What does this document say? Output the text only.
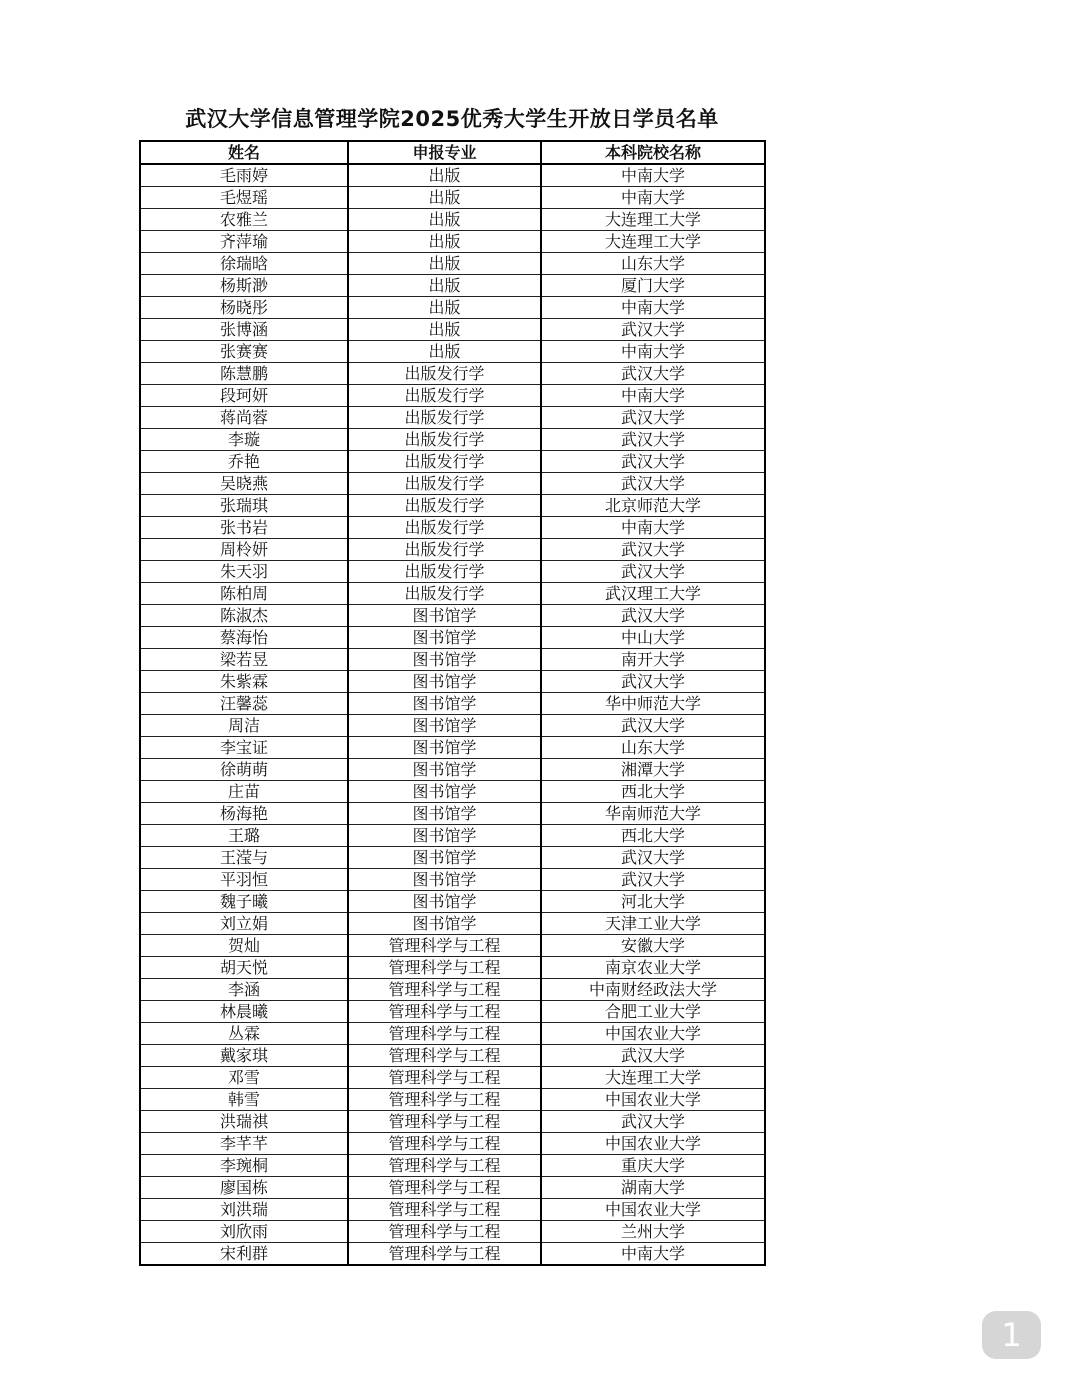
武汉大学信息管理学院2025优秀大学生开放日学员名单
姓名	申报专业	本科院校名称
毛雨婷	出版	中南大学
毛煜瑶	出版	中南大学
农雅兰	出版	大连理工大学
齐萍瑜	出版	大连理工大学
徐瑞晗	出版	山东大学
杨斯渺	出版	厦门大学
杨晓彤	出版	中南大学
张博涵	出版	武汉大学
张赛赛	出版	中南大学
陈慧鹏	出版发行学	武汉大学
段珂妍	出版发行学	中南大学
蒋尚蓉	出版发行学	武汉大学
李璇	出版发行学	武汉大学
乔艳	出版发行学	武汉大学
吴晓燕	出版发行学	武汉大学
张瑞琪	出版发行学	北京师范大学
张书岩	出版发行学	中南大学
周柃妍	出版发行学	武汉大学
朱天羽	出版发行学	武汉大学
陈柏周	出版发行学	武汉理工大学
陈淑杰	图书馆学	武汉大学
蔡海怡	图书馆学	中山大学
梁若昱	图书馆学	南开大学
朱紫霖	图书馆学	武汉大学
汪馨蕊	图书馆学	华中师范大学
周洁	图书馆学	武汉大学
李宝证	图书馆学	山东大学
徐萌萌	图书馆学	湘潭大学
庄苗	图书馆学	西北大学
杨海艳	图书馆学	华南师范大学
王璐	图书馆学	西北大学
王滢与	图书馆学	武汉大学
平羽恒	图书馆学	武汉大学
魏子曦	图书馆学	河北大学
刘立娟	图书馆学	天津工业大学
贺灿	管理科学与工程	安徽大学
胡天悦	管理科学与工程	南京农业大学
李涵	管理科学与工程	中南财经政法大学
林晨曦	管理科学与工程	合肥工业大学
丛霖	管理科学与工程	中国农业大学
戴家琪	管理科学与工程	武汉大学
邓雪	管理科学与工程	大连理工大学
韩雪	管理科学与工程	中国农业大学
洪瑞祺	管理科学与工程	武汉大学
李芊芊	管理科学与工程	中国农业大学
李琬桐	管理科学与工程	重庆大学
廖国栋	管理科学与工程	湖南大学
刘洪瑞	管理科学与工程	中国农业大学
刘欣雨	管理科学与工程	兰州大学
宋利群	管理科学与工程	中南大学
1
